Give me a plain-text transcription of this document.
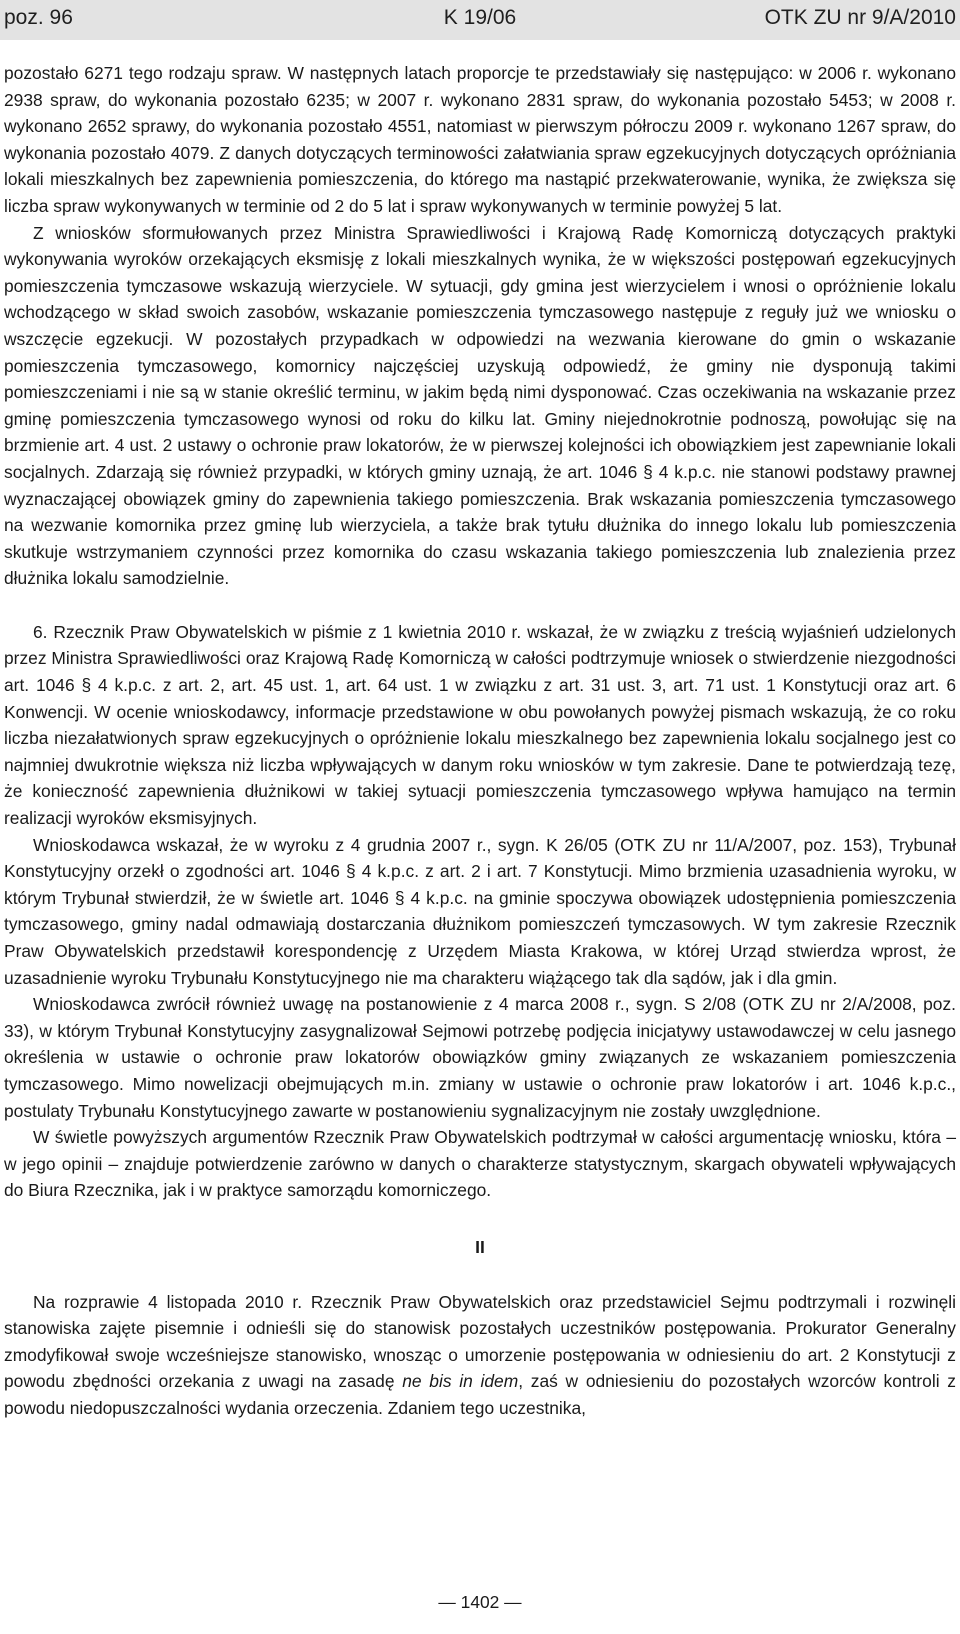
poz. 96	K 19/06	OTK ZU nr 9/A/2010

pozostało 6271 tego rodzaju spraw. W następnych latach proporcje te przedstawiały się następująco: w 2006 r. wykonano 2938 spraw, do wykonania pozostało 6235; w 2007 r. wykonano 2831 spraw, do wykonania pozostało 5453; w 2008 r. wykonano 2652 sprawy, do wykonania pozostało 4551, natomiast w pierwszym półroczu 2009 r. wykonano 1267 spraw, do wykonania pozostało 4079. Z danych dotyczących terminowości załatwiania spraw egzekucyjnych dotyczących opróżniania lokali mieszkalnych bez zapewnienia pomieszczenia, do którego ma nastąpić przekwaterowanie, wynika, że zwiększa się liczba spraw wykonywanych w terminie od 2 do 5 lat i spraw wykonywanych w terminie powyżej 5 lat.

Z wniosków sformułowanych przez Ministra Sprawiedliwości i Krajową Radę Komorniczą dotyczących praktyki wykonywania wyroków orzekających eksmisję z lokali mieszkalnych wynika, że w większości postępowań egzekucyjnych pomieszczenia tymczasowe wskazują wierzyciele. W sytuacji, gdy gmina jest wierzycielem i wnosi o opróżnienie lokalu wchodzącego w skład swoich zasobów, wskazanie pomieszczenia tymczasowego następuje z reguły już we wniosku o wszczęcie egzekucji. W pozostałych przypadkach w odpowiedzi na wezwania kierowane do gmin o wskazanie pomieszczenia tymczasowego, komornicy najczęściej uzyskują odpowiedź, że gminy nie dysponują takimi pomieszczeniami i nie są w stanie określić terminu, w jakim będą nimi dysponować. Czas oczekiwania na wskazanie przez gminę pomieszczenia tymczasowego wynosi od roku do kilku lat. Gminy niejednokrotnie podnoszą, powołując się na brzmienie art. 4 ust. 2 ustawy o ochronie praw lokatorów, że w pierwszej kolejności ich obowiązkiem jest zapewnianie lokali socjalnych. Zdarzają się również przypadki, w których gminy uznają, że art. 1046 § 4 k.p.c. nie stanowi podstawy prawnej wyznaczającej obowiązek gminy do zapewnienia takiego pomieszczenia. Brak wskazania pomieszczenia tymczasowego na wezwanie komornika przez gminę lub wierzyciela, a także brak tytułu dłużnika do innego lokalu lub pomieszczenia skutkuje wstrzymaniem czynności przez komornika do czasu wskazania takiego pomieszczenia lub znalezienia przez dłużnika lokalu samodzielnie.

6. Rzecznik Praw Obywatelskich w piśmie z 1 kwietnia 2010 r. wskazał, że w związku z treścią wyjaśnień udzielonych przez Ministra Sprawiedliwości oraz Krajową Radę Komorniczą w całości podtrzymuje wniosek o stwierdzenie niezgodności art. 1046 § 4 k.p.c. z art. 2, art. 45 ust. 1, art. 64 ust. 1 w związku z art. 31 ust. 3, art. 71 ust. 1 Konstytucji oraz art. 6 Konwencji. W ocenie wnioskodawcy, informacje przedstawione w obu powołanych powyżej pismach wskazują, że co roku liczba niezałatwionych spraw egzekucyjnych o opróżnienie lokalu mieszkalnego bez zapewnienia lokalu socjalnego jest co najmniej dwukrotnie większa niż liczba wpływających w danym roku wniosków w tym zakresie. Dane te potwierdzają tezę, że konieczność zapewnienia dłużnikowi w takiej sytuacji pomieszczenia tymczasowego wpływa hamująco na termin realizacji wyroków eksmisyjnych.

Wnioskodawca wskazał, że w wyroku z 4 grudnia 2007 r., sygn. K 26/05 (OTK ZU nr 11/A/2007, poz. 153), Trybunał Konstytucyjny orzekł o zgodności art. 1046 § 4 k.p.c. z art. 2 i art. 7 Konstytucji. Mimo brzmienia uzasadnienia wyroku, w którym Trybunał stwierdził, że w świetle art. 1046 § 4 k.p.c. na gminie spoczywa obowiązek udostępnienia pomieszczenia tymczasowego, gminy nadal odmawiają dostarczania dłużnikom pomieszczeń tymczasowych. W tym zakresie Rzecznik Praw Obywatelskich przedstawił korespondencję z Urzędem Miasta Krakowa, w której Urząd stwierdza wprost, że uzasadnienie wyroku Trybunału Konstytucyjnego nie ma charakteru wiążącego tak dla sądów, jak i dla gmin.

Wnioskodawca zwrócił również uwagę na postanowienie z 4 marca 2008 r., sygn. S 2/08 (OTK ZU nr 2/A/2008, poz. 33), w którym Trybunał Konstytucyjny zasygnalizował Sejmowi potrzebę podjęcia inicjatywy ustawodawczej w celu jasnego określenia w ustawie o ochronie praw lokatorów obowiązków gminy związanych ze wskazaniem pomieszczenia tymczasowego. Mimo nowelizacji obejmujących m.in. zmiany w ustawie o ochronie praw lokatorów i art. 1046 k.p.c., postulaty Trybunału Konstytucyjnego zawarte w postanowieniu sygnalizacyjnym nie zostały uwzględnione.

W świetle powyższych argumentów Rzecznik Praw Obywatelskich podtrzymał w całości argumentację wniosku, która – w jego opinii – znajduje potwierdzenie zarówno w danych o charakterze statystycznym, skargach obywateli wpływających do Biura Rzecznika, jak i w praktyce samorządu komorniczego.

II

Na rozprawie 4 listopada 2010 r. Rzecznik Praw Obywatelskich oraz przedstawiciel Sejmu podtrzymali i rozwinęli stanowiska zajęte pisemnie i odnieśli się do stanowisk pozostałych uczestników postępowania. Prokurator Generalny zmodyfikował swoje wcześniejsze stanowisko, wnosząc o umorzenie postępowania w odniesieniu do art. 2 Konstytucji z powodu zbędności orzekania z uwagi na zasadę ne bis in idem, zaś w odniesieniu do pozostałych wzorców kontroli z powodu niedopuszczalności wydania orzeczenia. Zdaniem tego uczestnika,

— 1402 —
